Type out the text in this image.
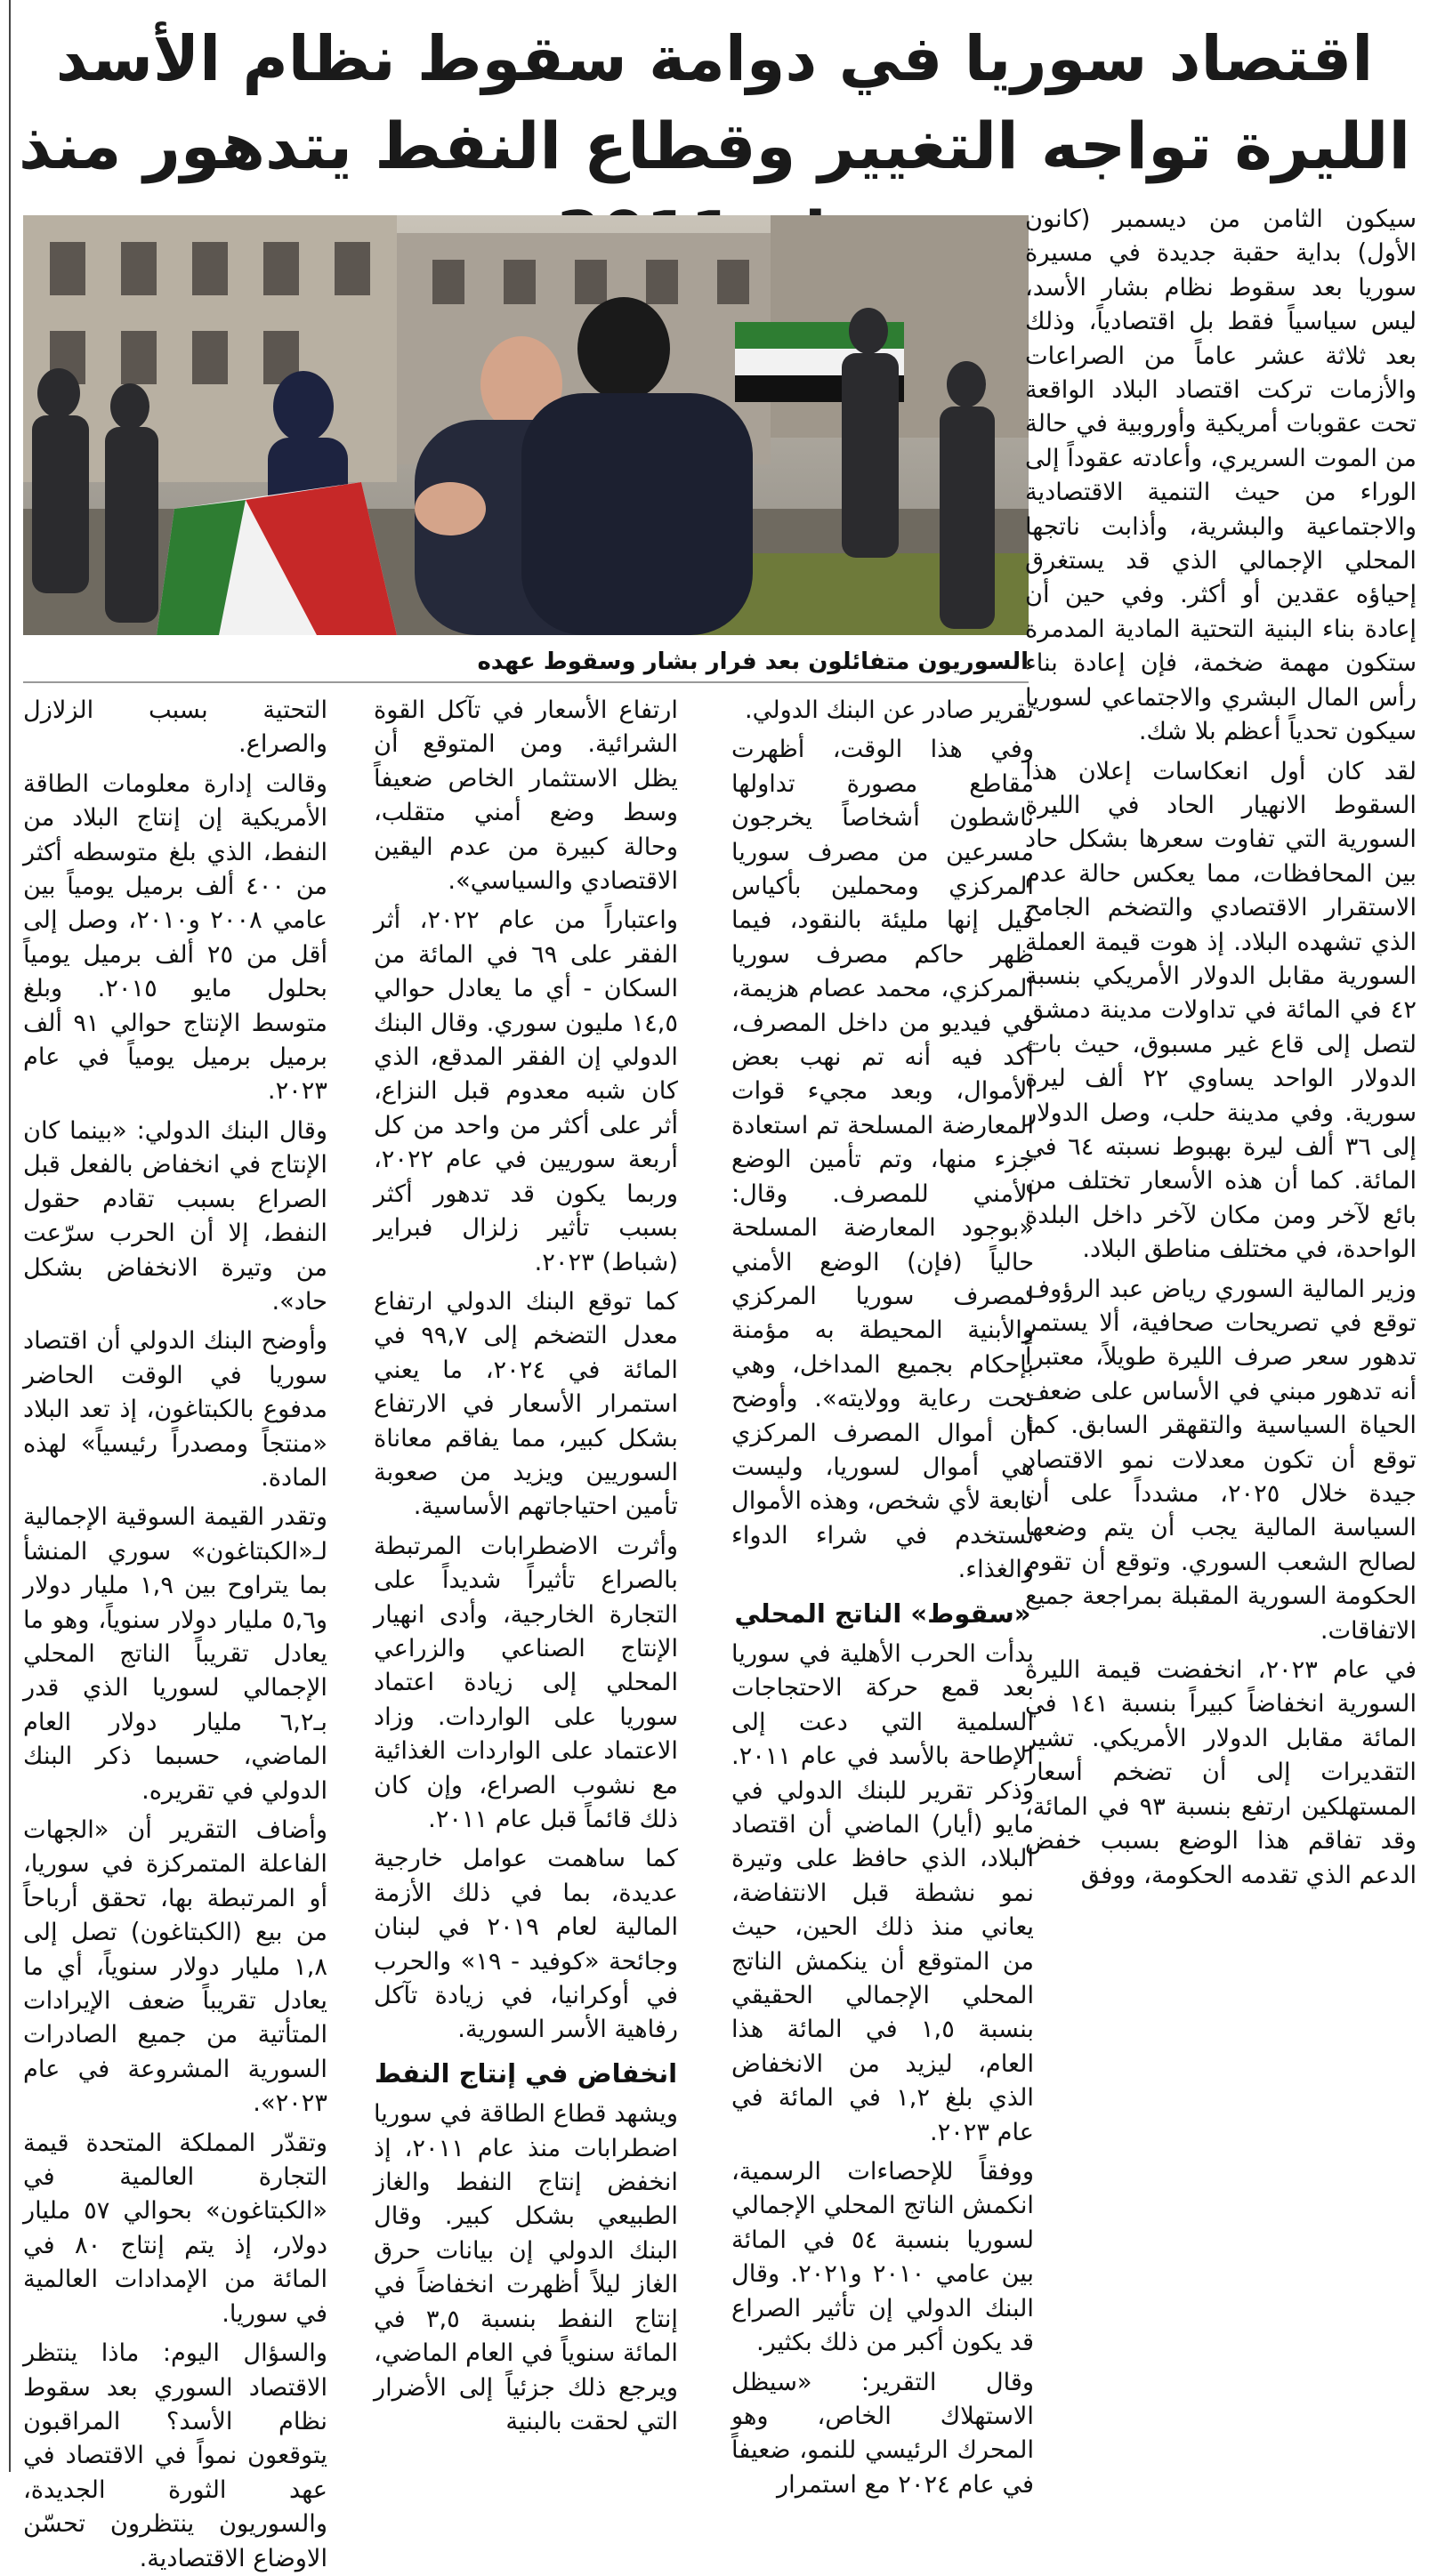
اقتصاد سوريا في دوامة سقوط نظام الأسد
الليرة تواجه التغيير وقطاع النفط يتدهور منذ
السوريون متفائلون بعد فرار بشار وسقوط عهده

سيكون الثامن من ديسمبر (كانون الأول) بداية حقبة جديدة في مسيرة سوريا بعد سقوط نظام بشار الأسد، ليس سياسياً فقط بل اقتصادياً، وذلك بعد ثلاثة عشر عاماً من الصراعات والأزمات تركت اقتصاد البلاد الواقعة تحت عقوبات أمريكية وأوروبية في حالة من الموت السريري، وأعادته عقوداً إلى الوراء من حيث التنمية الاقتصادية والاجتماعية والبشرية، وأذابت ناتجها المحلي الإجمالي الذي قد يستغرق إحياؤه عقدين أو أكثر. وفي حين أن إعادة بناء البنية التحتية المادية المدمرة ستكون مهمة ضخمة، فإن إعادة بناء رأس المال البشري والاجتماعي لسوريا سيكون تحدياً أعظم بلا شك.

لقد كان أول انعكاسات إعلان هذا السقوط الانهيار الحاد في الليرة السورية التي تفاوت سعرها بشكل حاد بين المحافظات، مما يعكس حالة عدم الاستقرار الاقتصادي والتضخم الجامح الذي تشهده البلاد. إذ هوت قيمة العملة السورية مقابل الدولار الأمريكي بنسبة ٤٢ في المائة في تداولات مدينة دمشق لتصل إلى قاع غير مسبوق، حيث بات الدولار الواحد يساوي ٢٢ ألف ليرة سورية. وفي مدينة حلب، وصل الدولار إلى ٣٦ ألف ليرة بهبوط نسبته ٦٤ في المائة. كما أن هذه الأسعار تختلف من بائع لآخر ومن مكان لآخر داخل البلدة الواحدة، في مختلف مناطق البلاد.

وزير المالية السوري رياض عبد الرؤوف توقع في تصريحات صحافية، ألا يستمر تدهور سعر صرف الليرة طويلاً، معتبراً أنه تدهور مبني في الأساس على ضعف الحياة السياسية والتقهقر السابق. كما توقع أن تكون معدلات نمو الاقتصاد جيدة خلال ٢٠٢٥، مشدداً على أن السياسة المالية يجب أن يتم وضعها لصالح الشعب السوري. وتوقع أن تقوم الحكومة السورية المقبلة بمراجعة جميع الاتفاقات.

في عام ٢٠٢٣، انخفضت قيمة الليرة السورية انخفاضاً كبيراً بنسبة ١٤١ في المائة مقابل الدولار الأمريكي. تشير التقديرات إلى أن تضخم أسعار المستهلكين ارتفع بنسبة ٩٣ في المائة، وقد تفاقم هذا الوضع بسبب خفض الدعم الذي تقدمه الحكومة، ووفق

تقرير صادر عن البنك الدولي.

وفي هذا الوقت، أظهرت مقاطع مصورة تداولها ناشطون أشخاصاً يخرجون مسرعين من مصرف سوريا المركزي ومحملين بأكياس قيل إنها مليئة بالنقود، فيما ظهر حاكم مصرف سوريا المركزي، محمد عصام هزيمة، في فيديو من داخل المصرف، أكد فيه أنه تم نهب بعض الأموال، وبعد مجيء قوات المعارضة المسلحة تم استعادة جزء منها، وتم تأمين الوضع الأمني للمصرف. وقال: «بوجود المعارضة المسلحة حالياً (فإن) الوضع الأمني لمصرف سوريا المركزي والأبنية المحيطة به مؤمنة بإحكام بجميع المداخل، وهي تحت رعاية وولايته». وأوضح أن أموال المصرف المركزي هي أموال لسوريا، وليست تابعة لأي شخص، وهذه الأموال تستخدم في شراء الدواء والغذاء.

«سقوط» الناتج المحلي

بدأت الحرب الأهلية في سوريا بعد قمع حركة الاحتجاجات السلمية التي دعت إلى الإطاحة بالأسد في عام ٢٠١١. وذكر تقرير للبنك الدولي في مايو (أيار) الماضي أن اقتصاد البلاد، الذي حافظ على وتيرة نمو نشطة قبل الانتفاضة، يعاني منذ ذلك الحين، حيث من المتوقع أن ينكمش الناتج المحلي الإجمالي الحقيقي بنسبة ١,٥ في المائة هذا العام، ليزيد من الانخفاض الذي بلغ ١,٢ في المائة في عام ٢٠٢٣.

ووفقاً للإحصاءات الرسمية، انكمش الناتج المحلي الإجمالي لسوريا بنسبة ٥٤ في المائة بين عامي ٢٠١٠ و٢٠٢١. وقال البنك الدولي إن تأثير الصراع قد يكون أكبر من ذلك بكثير.

وقال التقرير: «سيظل الاستهلاك الخاص، وهو المحرك الرئيسي للنمو، ضعيفاً في عام ٢٠٢٤ مع استمرار

ارتفاع الأسعار في تآكل القوة الشرائية. ومن المتوقع أن يظل الاستثمار الخاص ضعيفاً وسط وضع أمني متقلب، وحالة كبيرة من عدم اليقين الاقتصادي والسياسي».

واعتباراً من عام ٢٠٢٢، أثر الفقر على ٦٩ في المائة من السكان - أي ما يعادل حوالي ١٤,٥ مليون سوري. وقال البنك الدولي إن الفقر المدقع، الذي كان شبه معدوم قبل النزاع، أثر على أكثر من واحد من كل أربعة سوريين في عام ٢٠٢٢، وربما يكون قد تدهور أكثر بسبب تأثير زلزال فبراير (شباط) ٢٠٢٣.

كما توقع البنك الدولي ارتفاع معدل التضخم إلى ٩٩,٧ في المائة في ٢٠٢٤، ما يعني استمرار الأسعار في الارتفاع بشكل كبير، مما يفاقم معاناة السوريين ويزيد من صعوبة تأمين احتياجاتهم الأساسية.

وأثرت الاضطرابات المرتبطة بالصراع تأثيراً شديداً على التجارة الخارجية، وأدى انهيار الإنتاج الصناعي والزراعي المحلي إلى زيادة اعتماد سوريا على الواردات. وزاد الاعتماد على الواردات الغذائية مع نشوب الصراع، وإن كان ذلك قائماً قبل عام ٢٠١١.

كما ساهمت عوامل خارجية عديدة، بما في ذلك الأزمة المالية لعام ٢٠١٩ في لبنان وجائحة «كوفيد - ١٩» والحرب في أوكرانيا، في زيادة تآكل رفاهية الأسر السورية.

انخفاض في إنتاج النفط

ويشهد قطاع الطاقة في سوريا اضطرابات منذ عام ٢٠١١، إذ انخفض إنتاج النفط والغاز الطبيعي بشكل كبير. وقال البنك الدولي إن بيانات حرق الغاز ليلاً أظهرت انخفاضاً في إنتاج النفط بنسبة ٣,٥ في المائة سنوياً في العام الماضي، ويرجع ذلك جزئياً إلى الأضرار التي لحقت بالبنية

التحتية بسبب الزلازل والصراع.

وقالت إدارة معلومات الطاقة الأمريكية إن إنتاج البلاد من النفط، الذي بلغ متوسطه أكثر من ٤٠٠ ألف برميل يومياً بين عامي ٢٠٠٨ و٢٠١٠، وصل إلى أقل من ٢٥ ألف برميل يومياً بحلول مايو ٢٠١٥. وبلغ متوسط الإنتاج حوالي ٩١ ألف برميل برميل يومياً في عام ٢٠٢٣.

وقال البنك الدولي: «بينما كان الإنتاج في انخفاض بالفعل قبل الصراع بسبب تقادم حقول النفط، إلا أن الحرب سرّعت من وتيرة الانخفاض بشكل حاد».

وأوضح البنك الدولي أن اقتصاد سوريا في الوقت الحاضر مدفوع بالكبتاغون، إذ تعد البلاد «منتجاً ومصدراً رئيسياً» لهذه المادة.

وتقدر القيمة السوقية الإجمالية لـ«الكبتاغون» سوري المنشأ بما يتراوح بين ١,٩ مليار دولار و٥,٦ مليار دولار سنوياً، وهو ما يعادل تقريباً الناتج المحلي الإجمالي لسوريا الذي قدر بـ٦,٢ مليار دولار العام الماضي، حسبما ذكر البنك الدولي في تقريره.

وأضاف التقرير أن «الجهات الفاعلة المتمركزة في سوريا، أو المرتبطة بها، تحقق أرباحاً من بيع (الكبتاغون) تصل إلى ١,٨ مليار دولار سنوياً، أي ما يعادل تقريباً ضعف الإيرادات المتأتية من جميع الصادرات السورية المشروعة في عام ٢٠٢٣».

وتقدّر المملكة المتحدة قيمة التجارة العالمية في «الكبتاغون» بحوالي ٥٧ مليار دولار، إذ يتم إنتاج ٨٠ في المائة من الإمدادات العالمية في سوريا.

والسؤال اليوم: ماذا ينتظر الاقتصاد السوري بعد سقوط نظام الأسد؟ المراقبون يتوقعون نمواً في الاقتصاد في عهد الثورة الجديدة، والسوريون ينتظرون تحسّن الاوضاع الاقتصادية.
